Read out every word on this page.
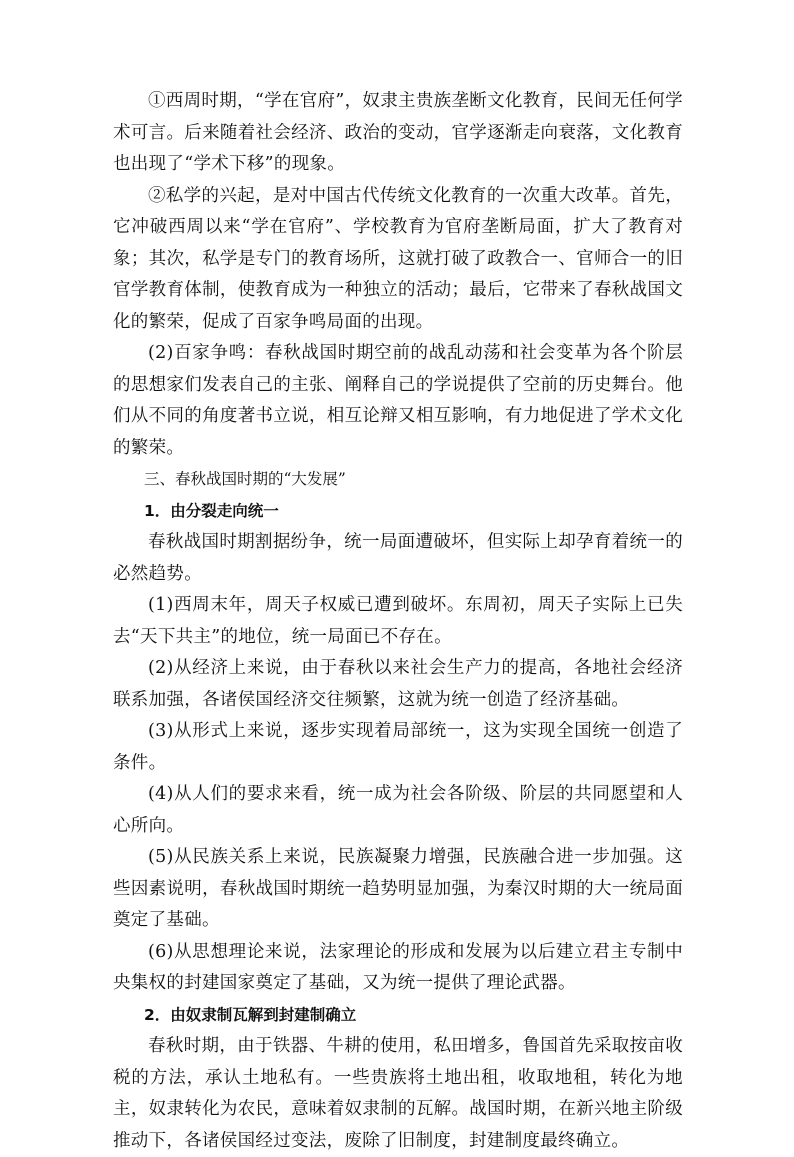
①西周时期，“学在官府”，奴隶主贵族垄断文化教育，民间无任何学术可言。后来随着社会经济、政治的变动，官学逐渐走向衰落，文化教育也出现了“学术下移”的现象。

②私学的兴起，是对中国古代传统文化教育的一次重大改革。首先，它冲破西周以来“学在官府”、学校教育为官府垄断局面，扩大了教育对象；其次，私学是专门的教育场所，这就打破了政教合一、官师合一的旧官学教育体制，使教育成为一种独立的活动；最后，它带来了春秋战国文化的繁荣，促成了百家争鸣局面的出现。

(2)百家争鸣：春秋战国时期空前的战乱动荡和社会变革为各个阶层的思想家们发表自己的主张、阐释自己的学说提供了空前的历史舞台。他们从不同的角度著书立说，相互论辩又相互影响，有力地促进了学术文化的繁荣。

三、春秋战国时期的“大发展”

1．由分裂走向统一

春秋战国时期割据纷争，统一局面遭破坏，但实际上却孕育着统一的必然趋势。

(1)西周末年，周天子权威已遭到破坏。东周初，周天子实际上已失去“天下共主”的地位，统一局面已不存在。

(2)从经济上来说，由于春秋以来社会生产力的提高，各地社会经济联系加强，各诸侯国经济交往频繁，这就为统一创造了经济基础。

(3)从形式上来说，逐步实现着局部统一，这为实现全国统一创造了条件。

(4)从人们的要求来看，统一成为社会各阶级、阶层的共同愿望和人心所向。

(5)从民族关系上来说，民族凝聚力增强，民族融合进一步加强。这些因素说明，春秋战国时期统一趋势明显加强，为秦汉时期的大一统局面奠定了基础。

(6)从思想理论来说，法家理论的形成和发展为以后建立君主专制中央集权的封建国家奠定了基础，又为统一提供了理论武器。

2．由奴隶制瓦解到封建制确立

春秋时期，由于铁器、牛耕的使用，私田增多，鲁国首先采取按亩收税的方法，承认土地私有。一些贵族将土地出租，收取地租，转化为地主，奴隶转化为农民，意味着奴隶制的瓦解。战国时期，在新兴地主阶级推动下，各诸侯国经过变法，废除了旧制度，封建制度最终确立。
